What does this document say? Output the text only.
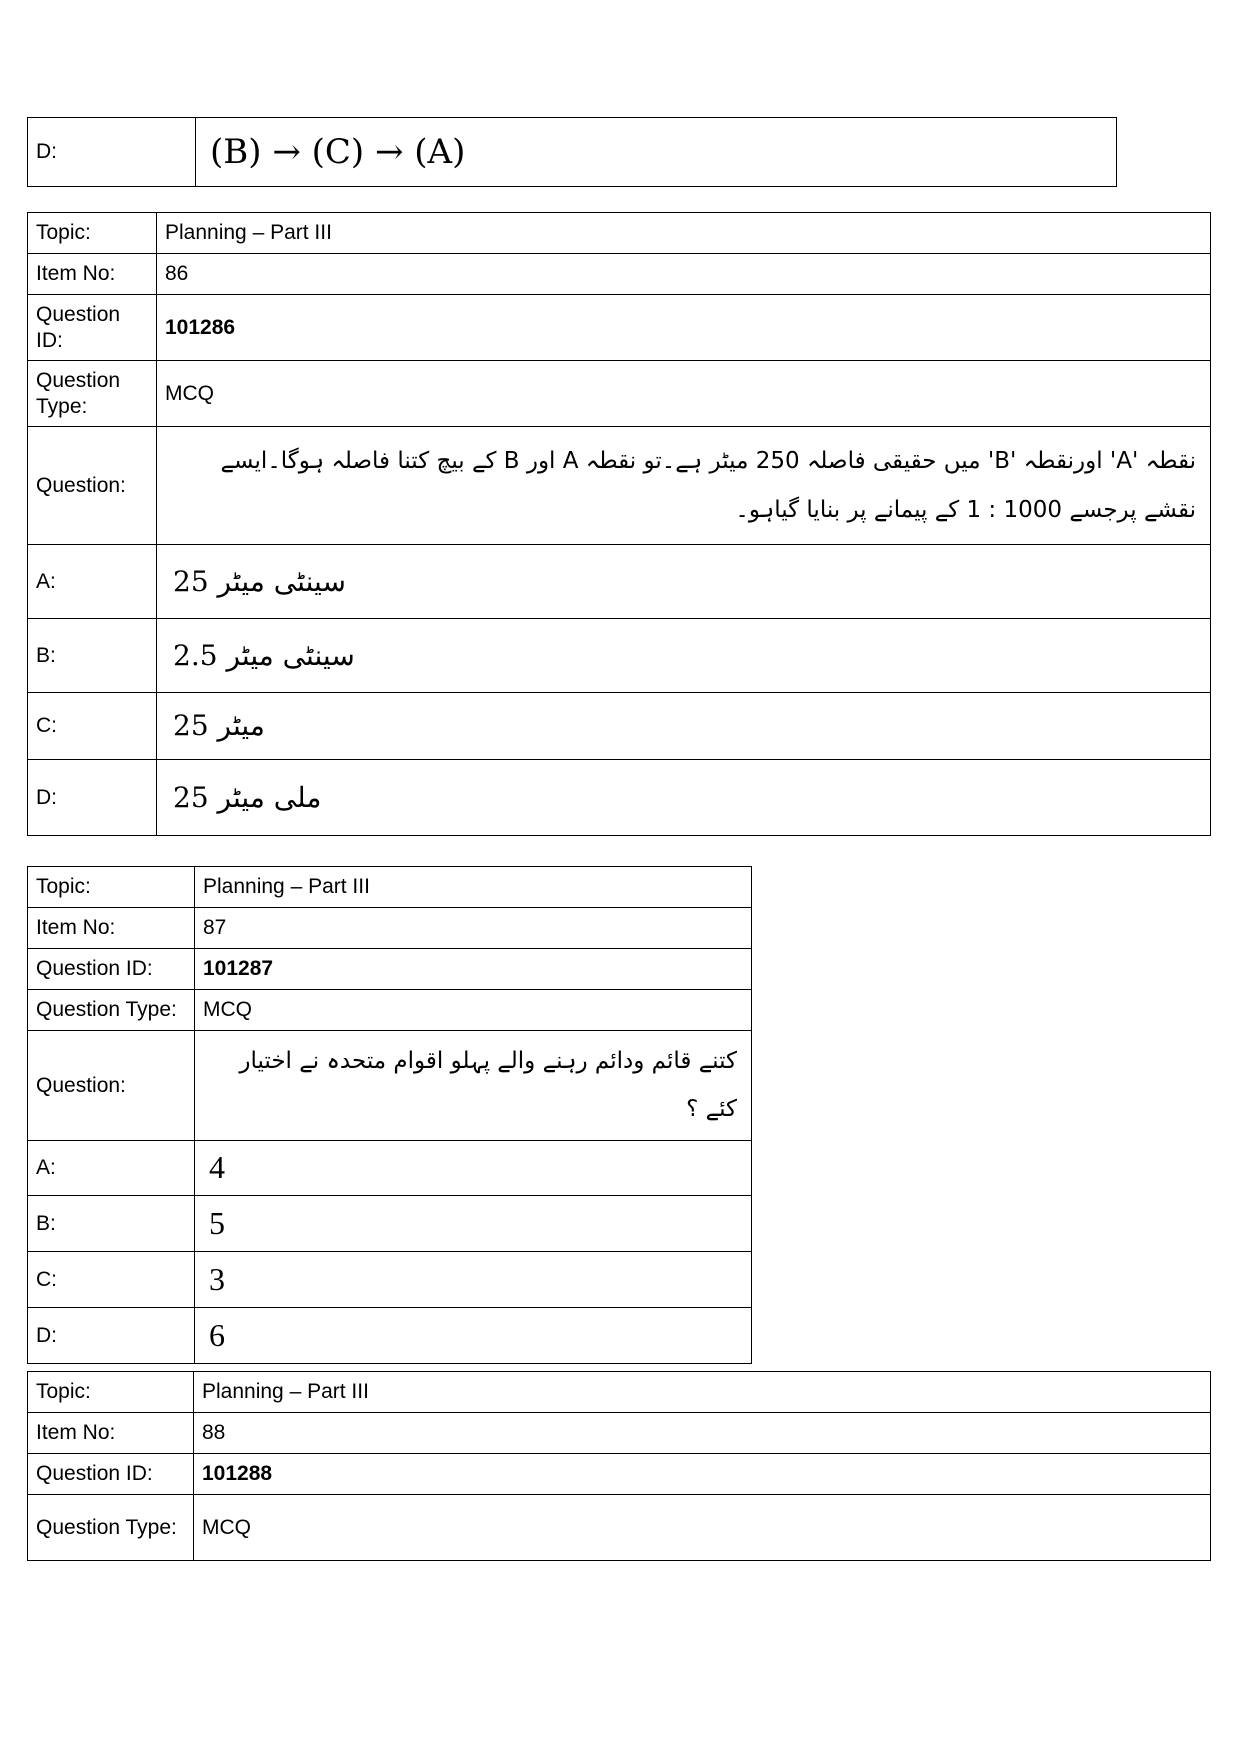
D:	(B) → (C) → (A)
Topic:	Planning – Part III
Item No:	86
Question ID:	101286
Question Type:	MCQ
Question:	نقطہ 'A' اورنقطہ 'B' میں حقیقی فاصلہ 250 میٹر ہے۔تو نقطہ A اور B کے بیچ کتنا فاصلہ ہوگا۔ایسے نقشے پرجسے 1000 : 1 کے پیمانے پر بنایا گیاہو۔
A:	25 سینٹی میٹر
B:	2.5 سینٹی میٹر
C:	25 میٹر
D:	25 ملی میٹر
Topic:	Planning – Part III
Item No:	87
Question ID:	101287
Question Type:	MCQ
Question:	کتنے قائم ودائم رہنے والے پہلو اقوام متحدہ نے اختیار کئے ؟
A:	4
B:	5
C:	3
D:	6
Topic:	Planning – Part III
Item No:	88
Question ID:	101288
Question Type:	MCQ
